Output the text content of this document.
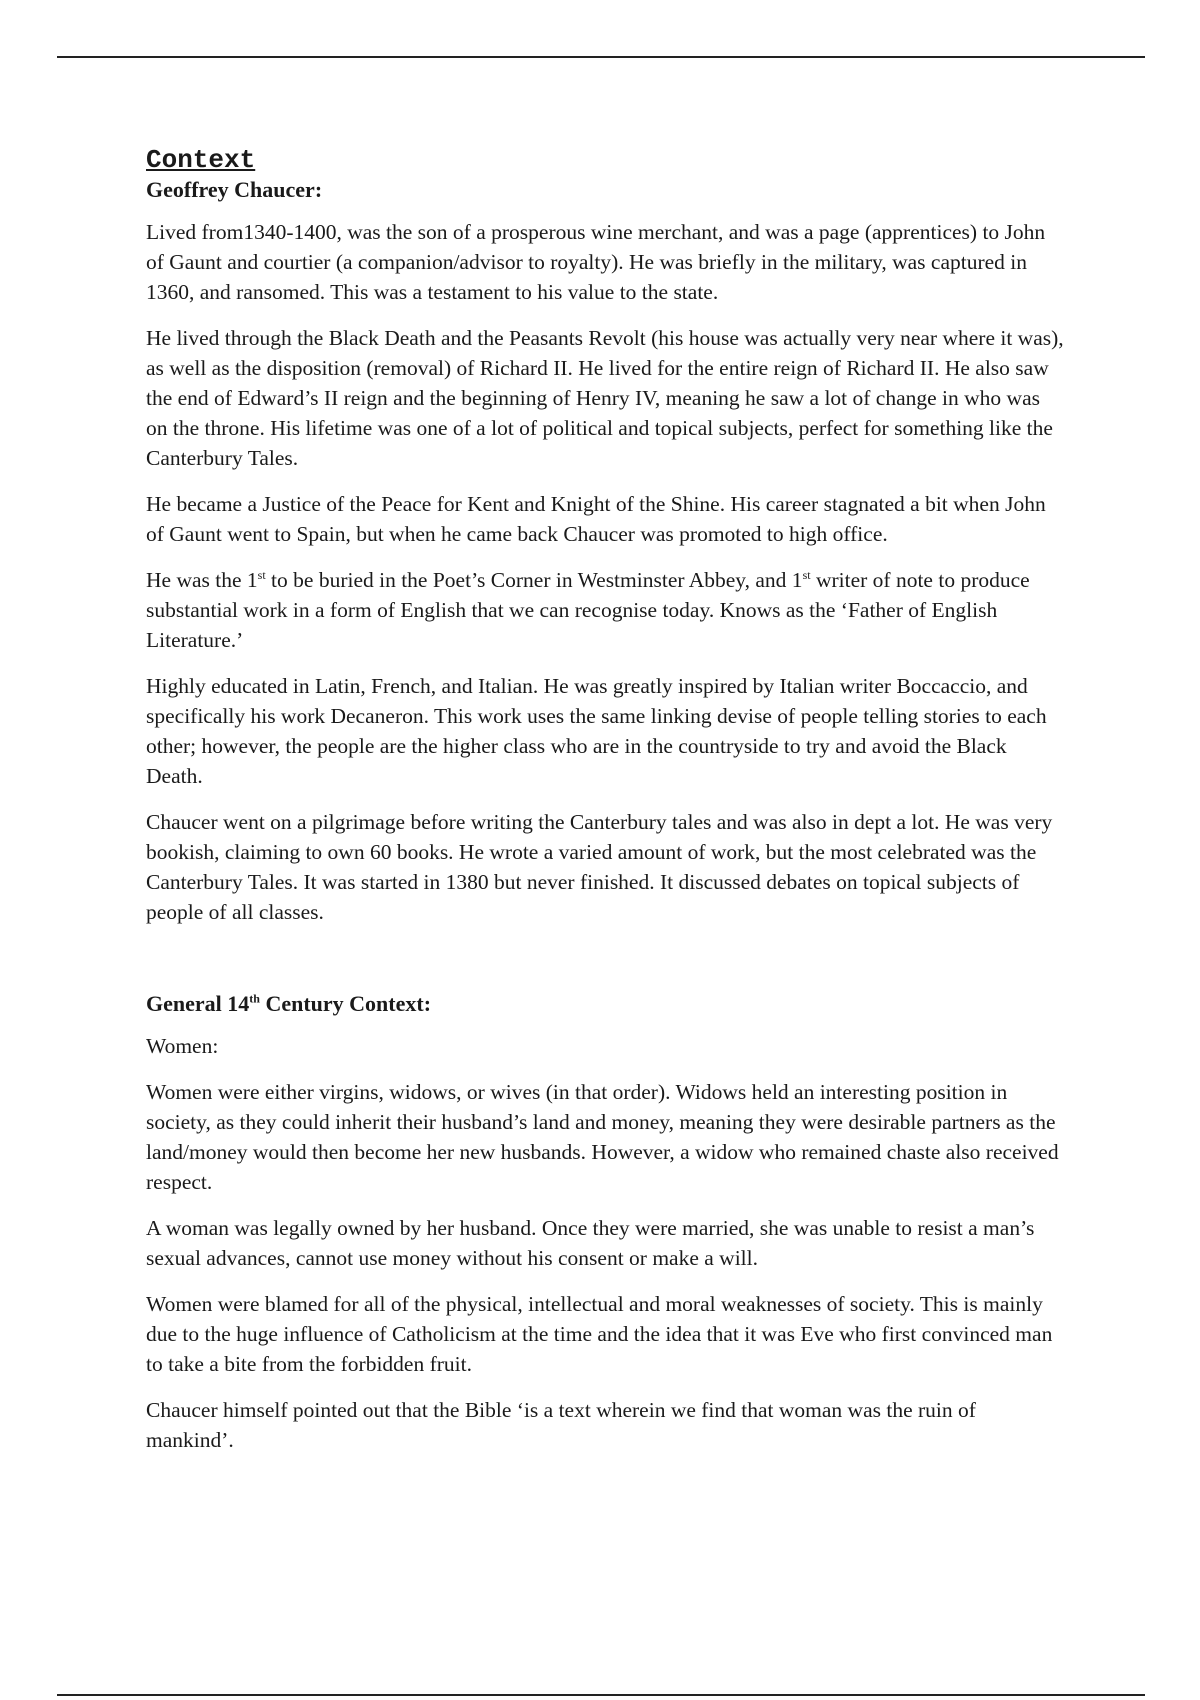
Context
Geoffrey Chaucer:

Lived from1340-1400, was the son of a prosperous wine merchant, and was a page (apprentices) to John of Gaunt and courtier (a companion/advisor to royalty). He was briefly in the military, was captured in 1360, and ransomed. This was a testament to his value to the state.

He lived through the Black Death and the Peasants Revolt (his house was actually very near where it was), as well as the disposition (removal) of Richard II. He lived for the entire reign of Richard II. He also saw the end of Edward’s II reign and the beginning of Henry IV, meaning he saw a lot of change in who was on the throne. His lifetime was one of a lot of political and topical subjects, perfect for something like the Canterbury Tales.

He became a Justice of the Peace for Kent and Knight of the Shine. His career stagnated a bit when John of Gaunt went to Spain, but when he came back Chaucer was promoted to high office.

He was the 1st to be buried in the Poet’s Corner in Westminster Abbey, and 1st writer of note to produce substantial work in a form of English that we can recognise today. Knows as the ‘Father of English Literature.’

Highly educated in Latin, French, and Italian. He was greatly inspired by Italian writer Boccaccio, and specifically his work Decaneron. This work uses the same linking devise of people telling stories to each other; however, the people are the higher class who are in the countryside to try and avoid the Black Death.

Chaucer went on a pilgrimage before writing the Canterbury tales and was also in dept a lot. He was very bookish, claiming to own 60 books. He wrote a varied amount of work, but the most celebrated was the Canterbury Tales. It was started in 1380 but never finished. It discussed debates on topical subjects of people of all classes.

General 14th Century Context:

Women:

Women were either virgins, widows, or wives (in that order). Widows held an interesting position in society, as they could inherit their husband’s land and money, meaning they were desirable partners as the land/money would then become her new husbands. However, a widow who remained chaste also received respect.

A woman was legally owned by her husband. Once they were married, she was unable to resist a man’s sexual advances, cannot use money without his consent or make a will.

Women were blamed for all of the physical, intellectual and moral weaknesses of society. This is mainly due to the huge influence of Catholicism at the time and the idea that it was Eve who first convinced man to take a bite from the forbidden fruit.

Chaucer himself pointed out that the Bible ‘is a text wherein we find that woman was the ruin of mankind’.
